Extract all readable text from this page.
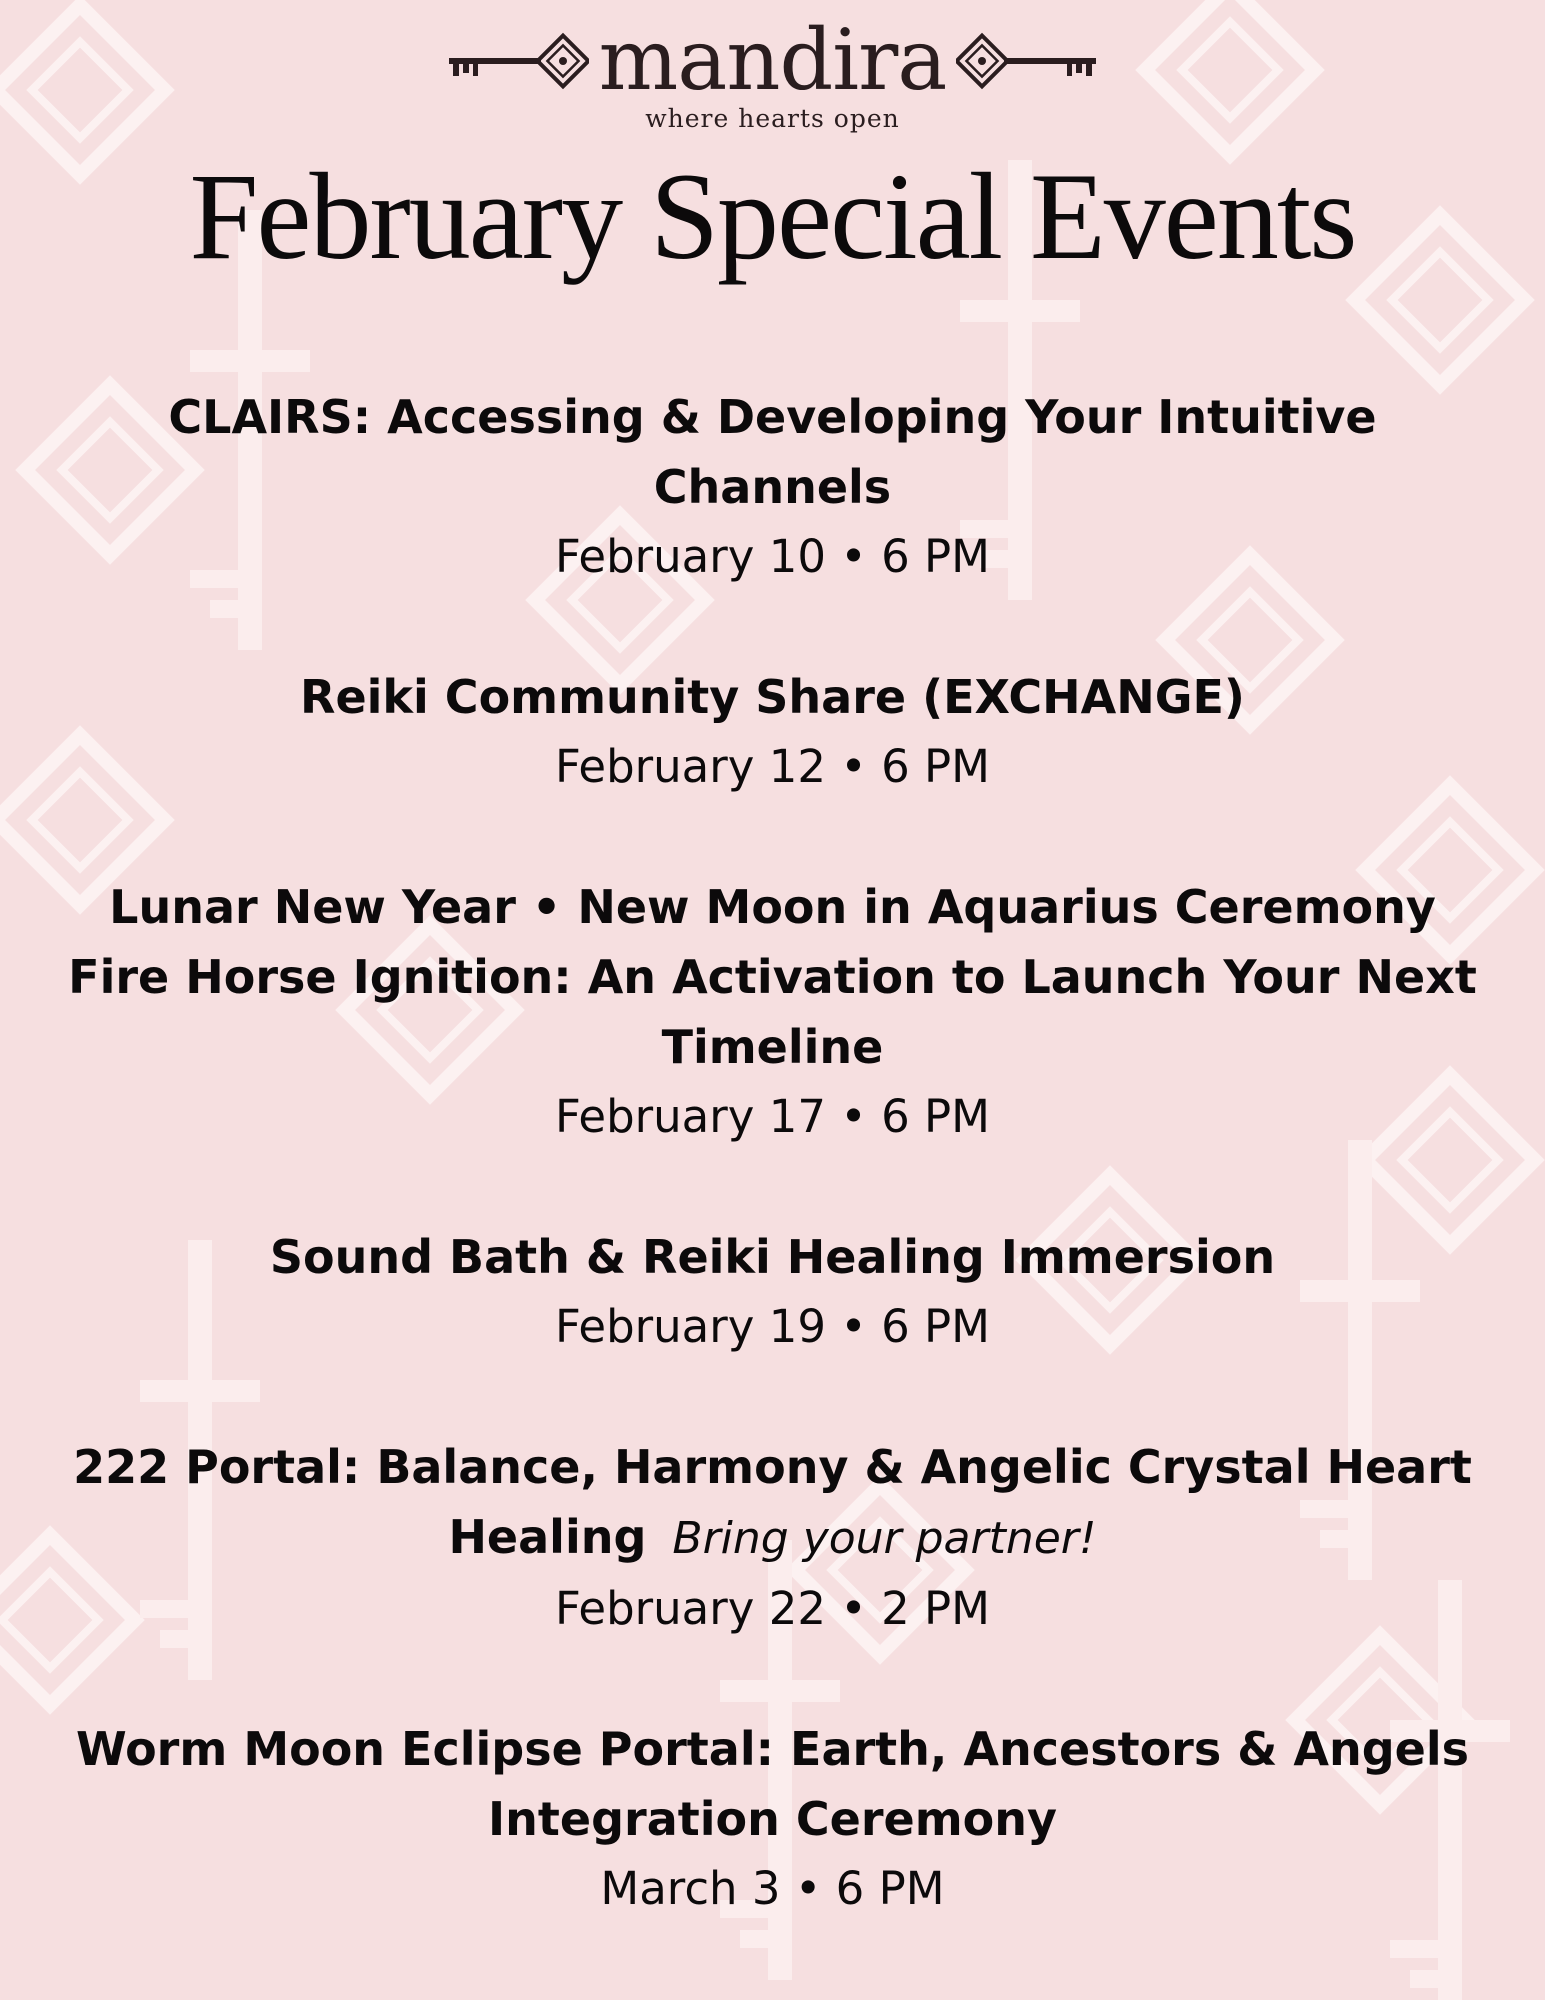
mandira
where hearts open
February Special Events

CLAIRS: Accessing & Developing Your Intuitive Channels

February 10 • 6 PM

Reiki Community Share (EXCHANGE)

February 12 • 6 PM

Lunar New Year • New Moon in Aquarius Ceremony

Fire Horse Ignition: An Activation to Launch Your Next Timeline

February 17 • 6 PM

Sound Bath & Reiki Healing Immersion

February 19 • 6 PM

222 Portal: Balance, Harmony & Angelic Crystal Heart Healing Bring your partner!

February 22 • 2 PM

Worm Moon Eclipse Portal: Earth, Ancestors & Angels Integration Ceremony

March 3 • 6 PM
